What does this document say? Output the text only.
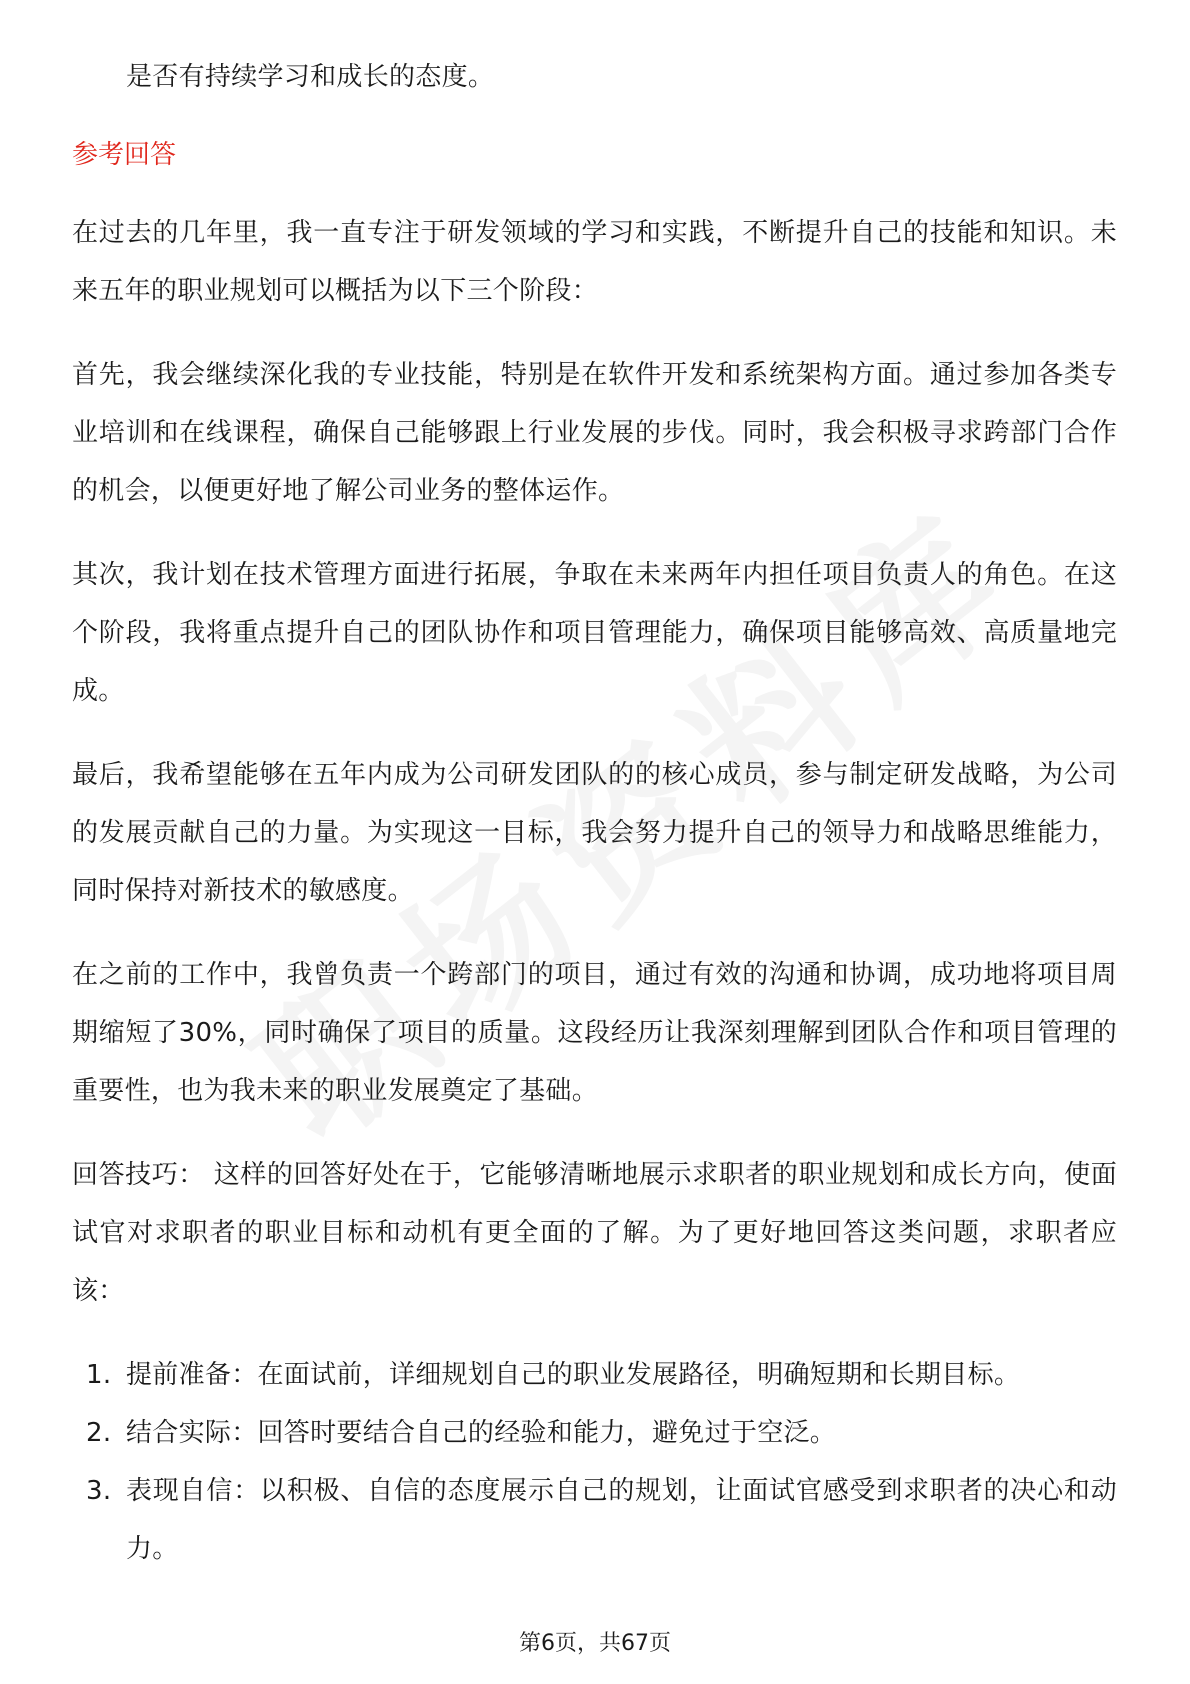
是否有持续学习和成长的态度。

参考回答

在过去的几年里，我一直专注于研发领域的学习和实践，不断提升自己的技能和知识。未来五年的职业规划可以概括为以下三个阶段：

首先，我会继续深化我的专业技能，特别是在软件开发和系统架构方面。通过参加各类专业培训和在线课程，确保自己能够跟上行业发展的步伐。同时，我会积极寻求跨部门合作的机会，以便更好地了解公司业务的整体运作。

其次，我计划在技术管理方面进行拓展，争取在未来两年内担任项目负责人的角色。在这个阶段，我将重点提升自己的团队协作和项目管理能力，确保项目能够高效、高质量地完成。

最后，我希望能够在五年内成为公司研发团队的的核心成员，参与制定研发战略，为公司的发展贡献自己的力量。为实现这一目标，我会努力提升自己的领导力和战略思维能力，同时保持对新技术的敏感度。

在之前的工作中，我曾负责一个跨部门的项目，通过有效的沟通和协调，成功地将项目周期缩短了30%，同时确保了项目的质量。这段经历让我深刻理解到团队合作和项目管理的重要性，也为我未来的职业发展奠定了基础。

回答技巧： 这样的回答好处在于，它能够清晰地展示求职者的职业规划和成长方向，使面试官对求职者的职业目标和动机有更全面的了解。为了更好地回答这类问题，求职者应该：

1. 提前准备：在面试前，详细规划自己的职业发展路径，明确短期和长期目标。
2. 结合实际：回答时要结合自己的经验和能力，避免过于空泛。
3. 表现自信：以积极、自信的态度展示自己的规划，让面试官感受到求职者的决心和动力。
第6页，共67页
